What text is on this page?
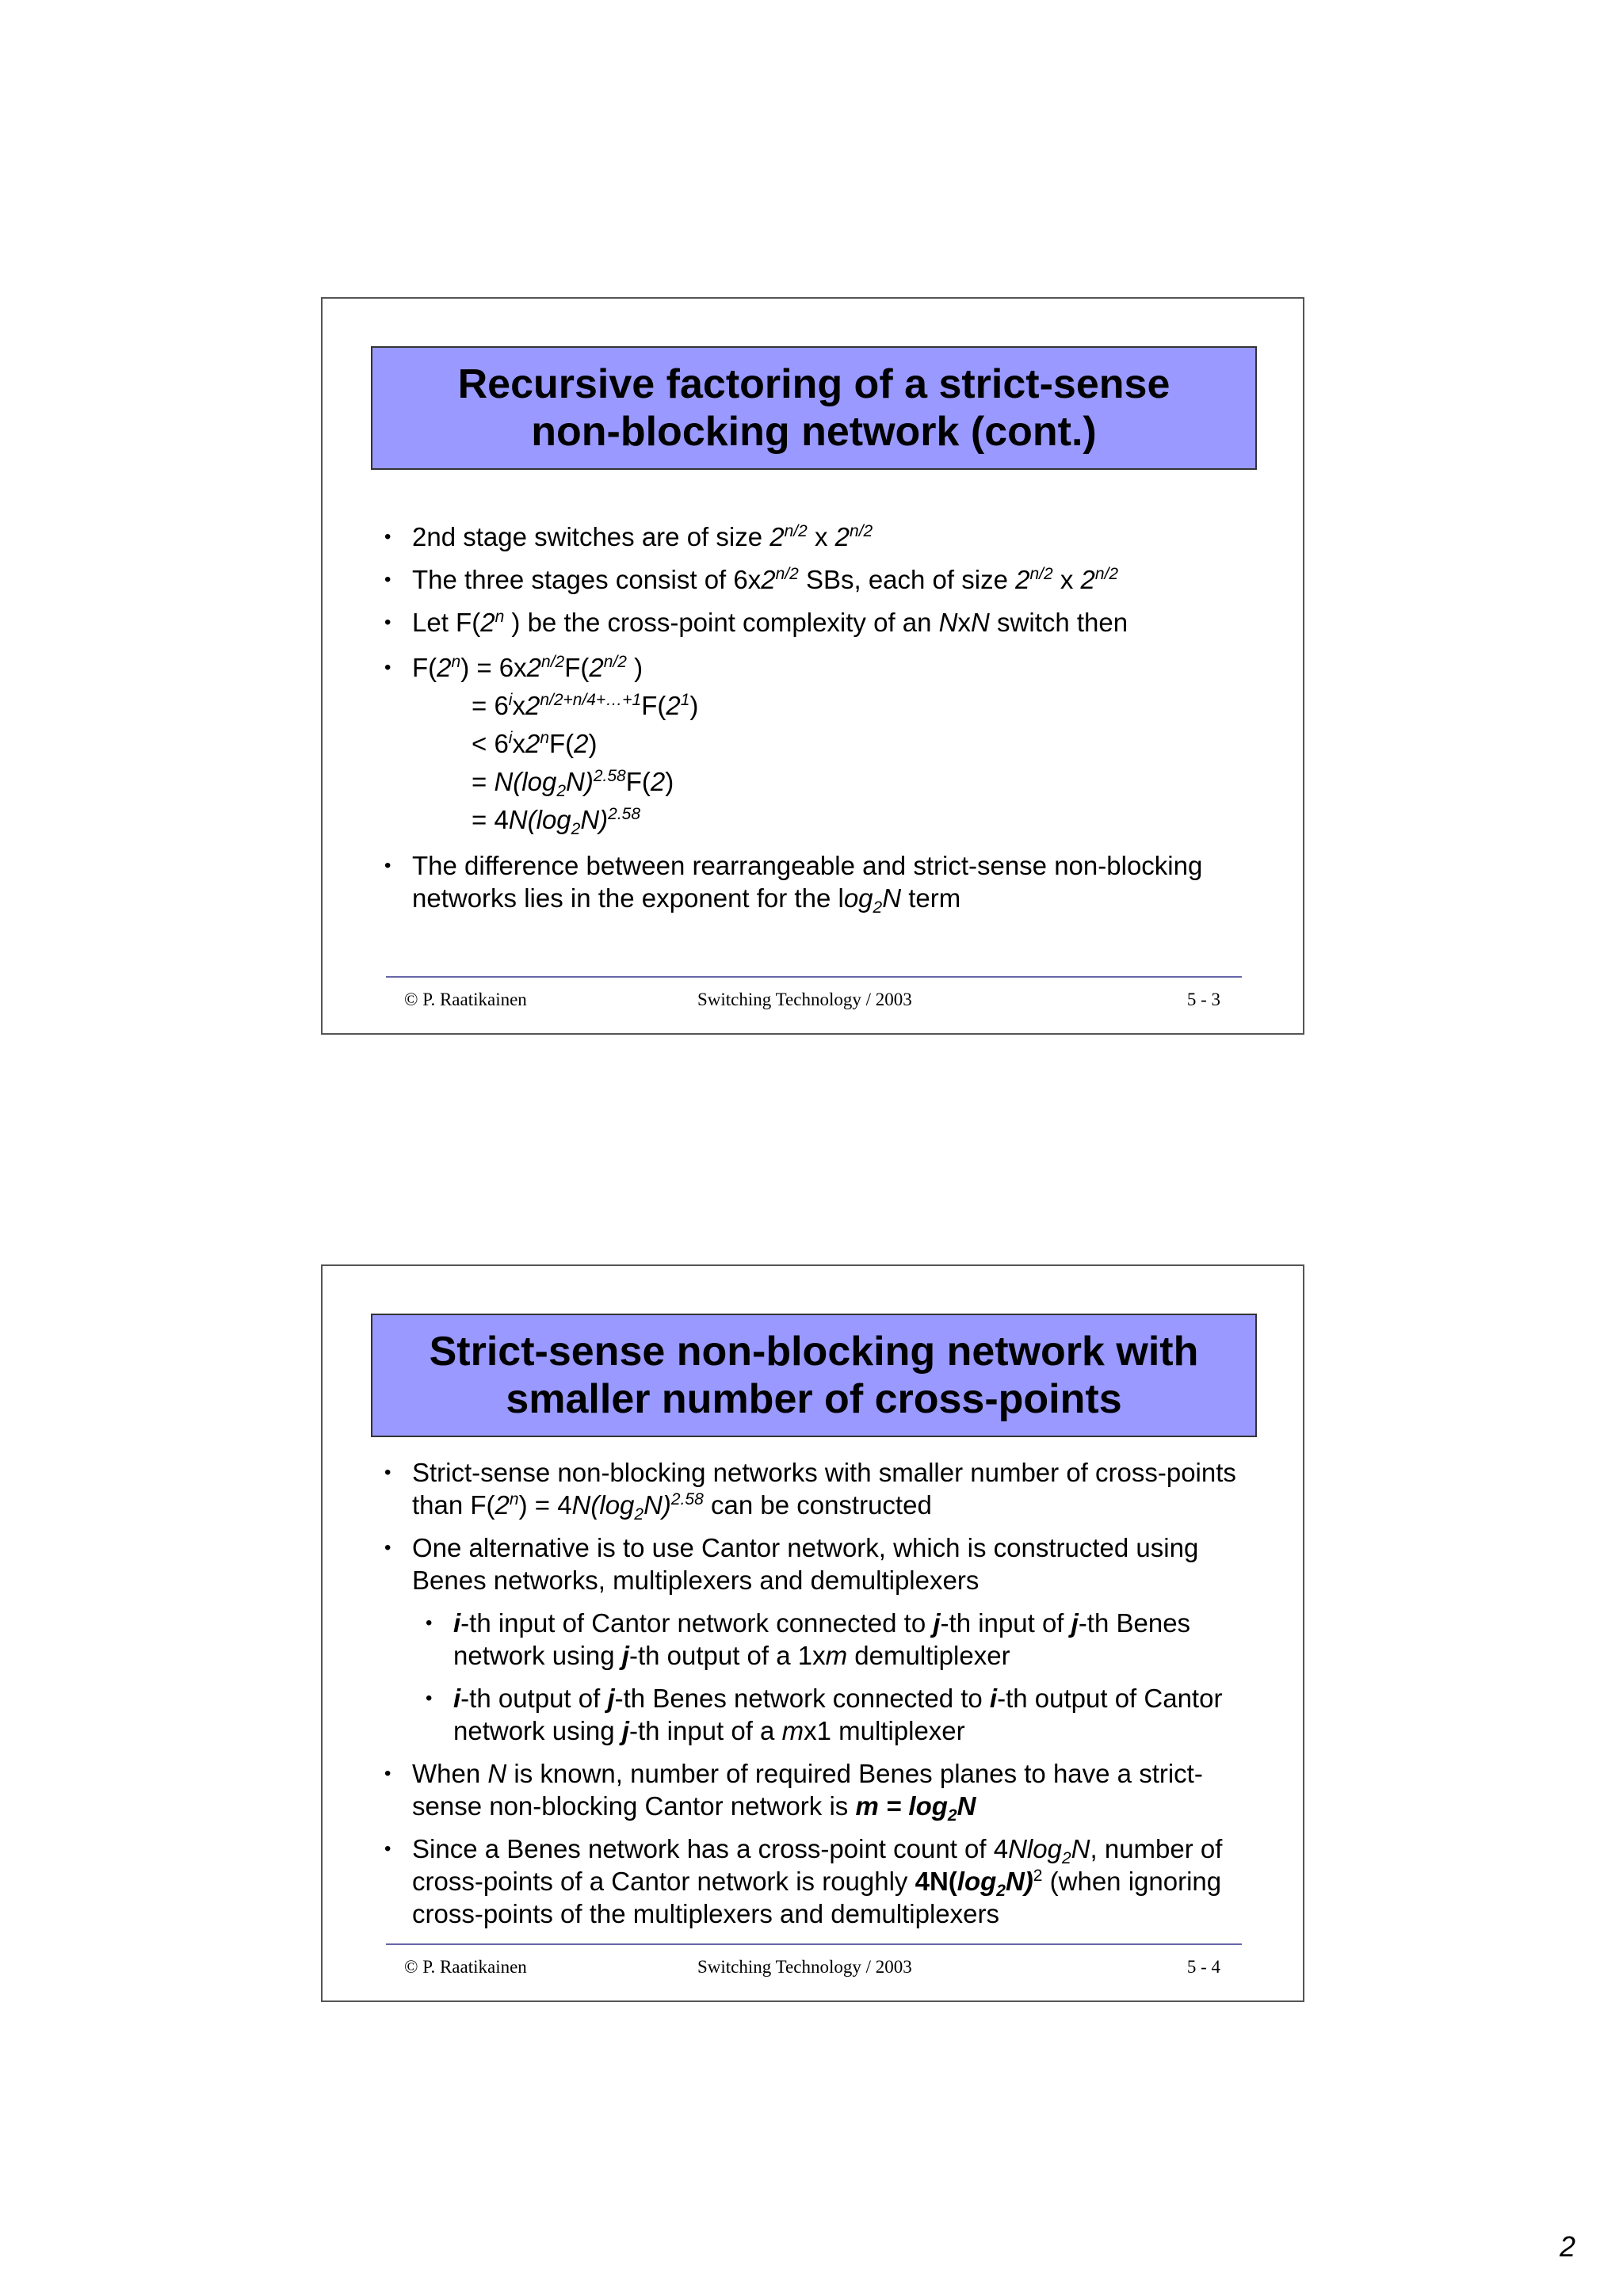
Recursive factoring of a strict-sense
non-blocking network (cont.)
• 2nd stage switches are of size $2^{n/2}$ x $2^{n/2}$
• The three stages consist of $6x2^{n/2}$ SBs, each of size $2^{n/2}$ x $2^{n/2}$
• Let F(2$^n$ ) be the cross-point complexity of an NxN switch then
• $F(2^n) = 6x2^{n/2}F(2^{n/2}$ )
= $6^ix2^{n/2+n/4+\dots+1}F(2^1)$
< $6^ix2^nF(2)$
= $N(\log_2N)^{2.58}F(2)$
= $4N(\log_2N)^{2.58}$
• The difference between rearrangeable and strict-sense non-blocking networks lies in the exponent for the $\log_2N$ term
© P. Raatikainen	Switching Technology / 2003	5 - 3
Strict-sense non-blocking network with
smaller number of cross-points
• Strict-sense non-blocking networks with smaller number of cross-points than $F(2^n) = 4N(\log_2N)^{2.58}$ can be constructed
• One alternative is to use Cantor network, which is constructed using Benes networks, multiplexers and demultiplexers
• i-th input of Cantor network connected to j-th input of j-th Benes network using j-th output of a 1xm demultiplexer
• i-th output of j-th Benes network connected to i-th output of Cantor network using j-th input of a mx1 multiplexer
• When N is known, number of required Benes planes to have a strict-sense non-blocking Cantor network is $m = \log_2N$
• Since a Benes network has a cross-point count of 4Nlog$_2$N, number of cross-points of a Cantor network is roughly $4N(\log_2N)^2$ (when ignoring cross-points of the multiplexers and demultiplexers
© P. Raatikainen	Switching Technology / 2003	5 - 4
2
